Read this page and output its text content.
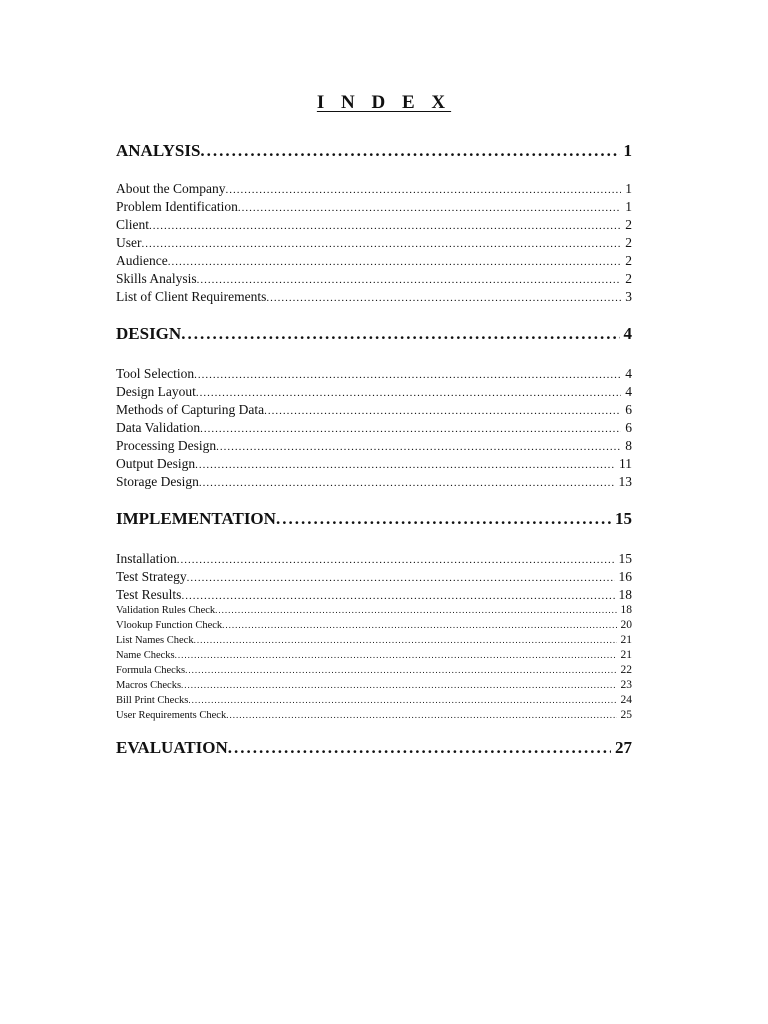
I N D E X
ANALYSIS .....	1
About the Company .....	1
Problem Identification .....	1
Client .....	2
User .....	2
Audience .....	2
Skills Analysis .....	2
List of Client Requirements .....	3
DESIGN .....	4
Tool Selection .....	4
Design Layout .....	4
Methods of Capturing Data .....	6
Data Validation .....	6
Processing Design .....	8
Output Design .....	11
Storage Design .....	13
IMPLEMENTATION .....	15
Installation .....	15
Test Strategy .....	16
Test Results .....	18
Validation Rules Check .....	18
Vlookup Function Check .....	20
List Names Check .....	21
Name Checks .....	21
Formula Checks .....	22
Macros Checks .....	23
Bill Print Checks .....	24
User Requirements Check .....	25
EVALUATION .....	27
